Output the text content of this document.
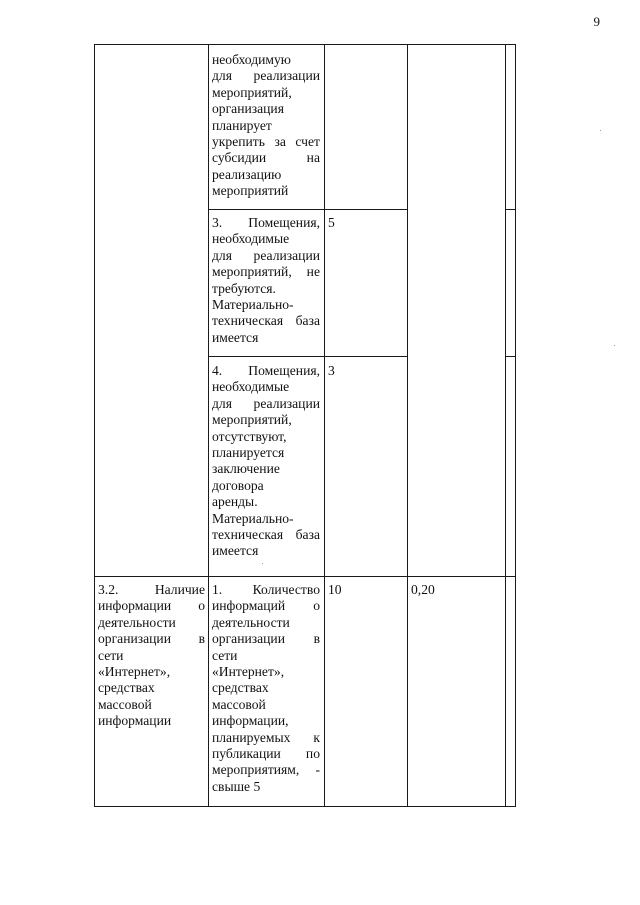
9
необходимую
для реализации
мероприятий,
организация
планирует
укрепить за счет
субсидии на
реализацию
мероприятий
3. Помещения,
необходимые
для реализации
мероприятий, не
требуются.
Материально-
техническая база
имеется
5
4. Помещения,
необходимые
для реализации
мероприятий,
отсутствуют,
планируется
заключение
договора
аренды.
Материально-
техническая база
имеется
3
3.2. Наличие
информации о
деятельности
организации в
сети
«Интернет»,
средствах
массовой
информации
1. Количество
информаций о
деятельности
организации в
сети
«Интернет»,
средствах
массовой
информации,
планируемых к
публикации по
мероприятиям, -
свыше 5
10	0,20
